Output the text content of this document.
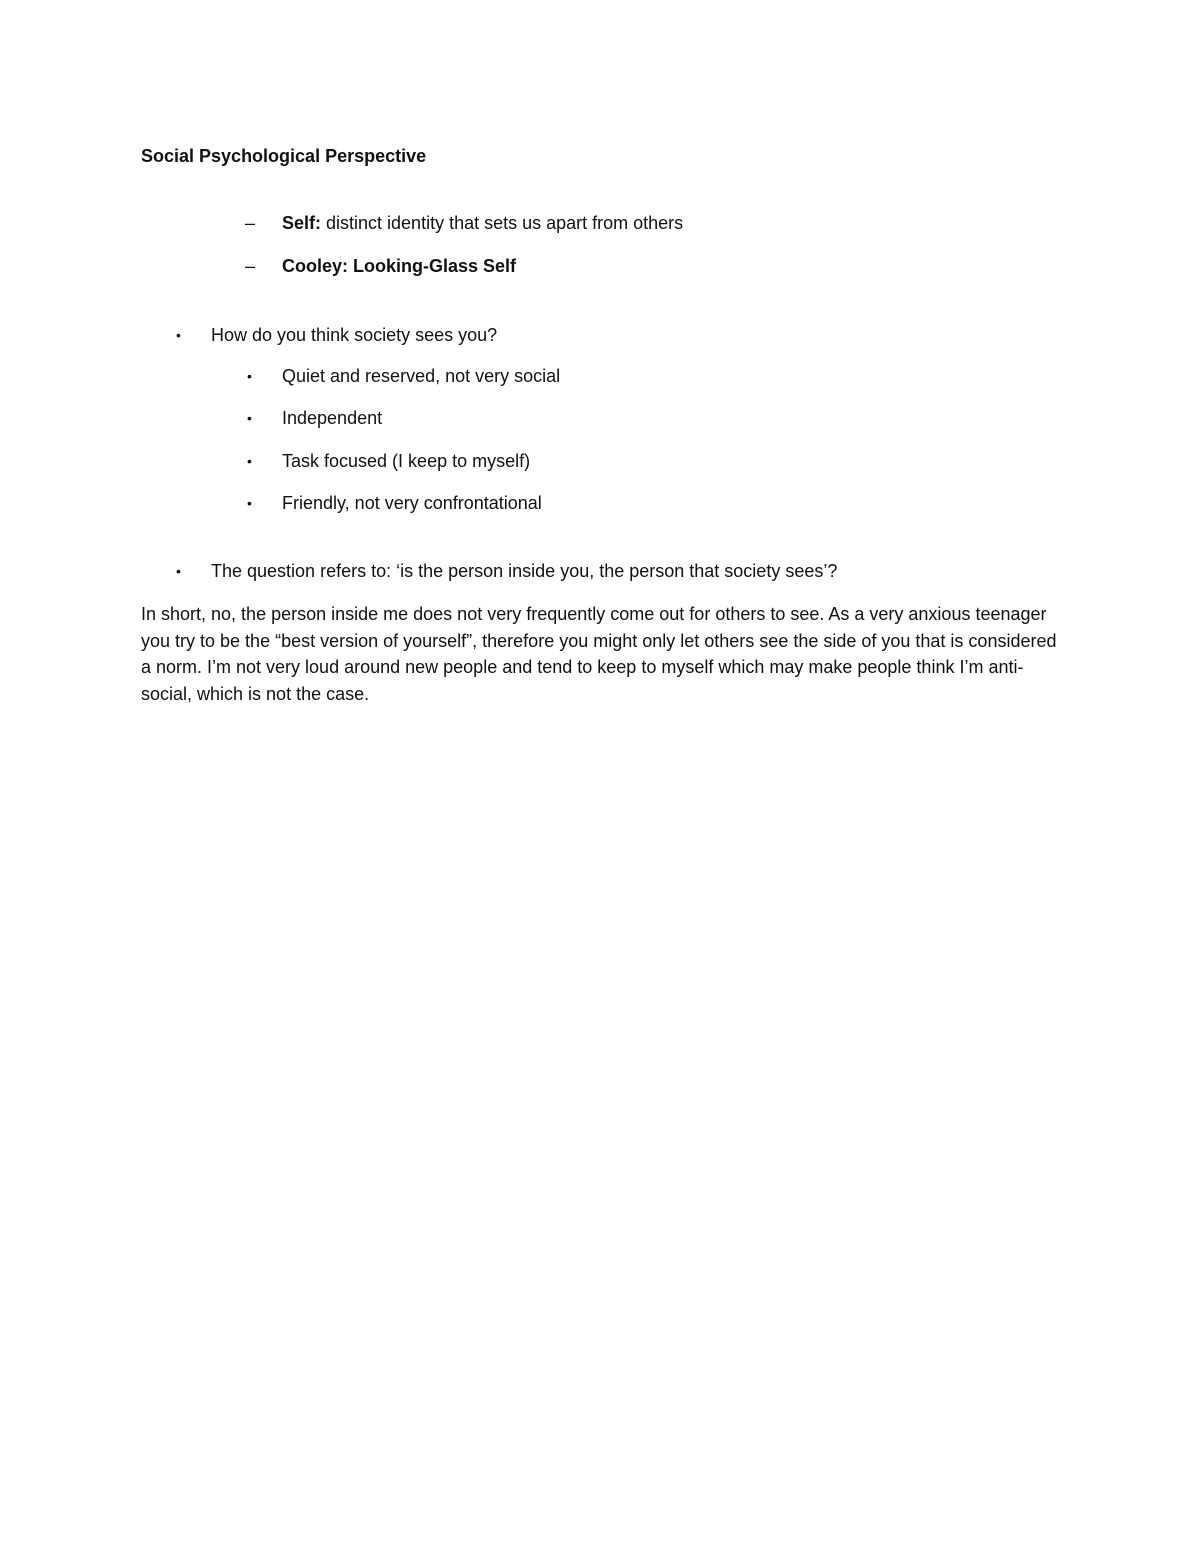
Social Psychological Perspective
– Self: distinct identity that sets us apart from others
– Cooley: Looking-Glass Self
• How do you think society sees you?
• Quiet and reserved, not very social
• Independent
• Task focused (I keep to myself)
• Friendly, not very confrontational
• The question refers to: ‘is the person inside you, the person that society sees’?
In short, no, the person inside me does not very frequently come out for others to see. As a very anxious teenager you try to be the “best version of yourself”, therefore you might only let others see the side of you that is considered a norm. I’m not very loud around new people and tend to keep to myself which may make people think I’m anti-social, which is not the case.
